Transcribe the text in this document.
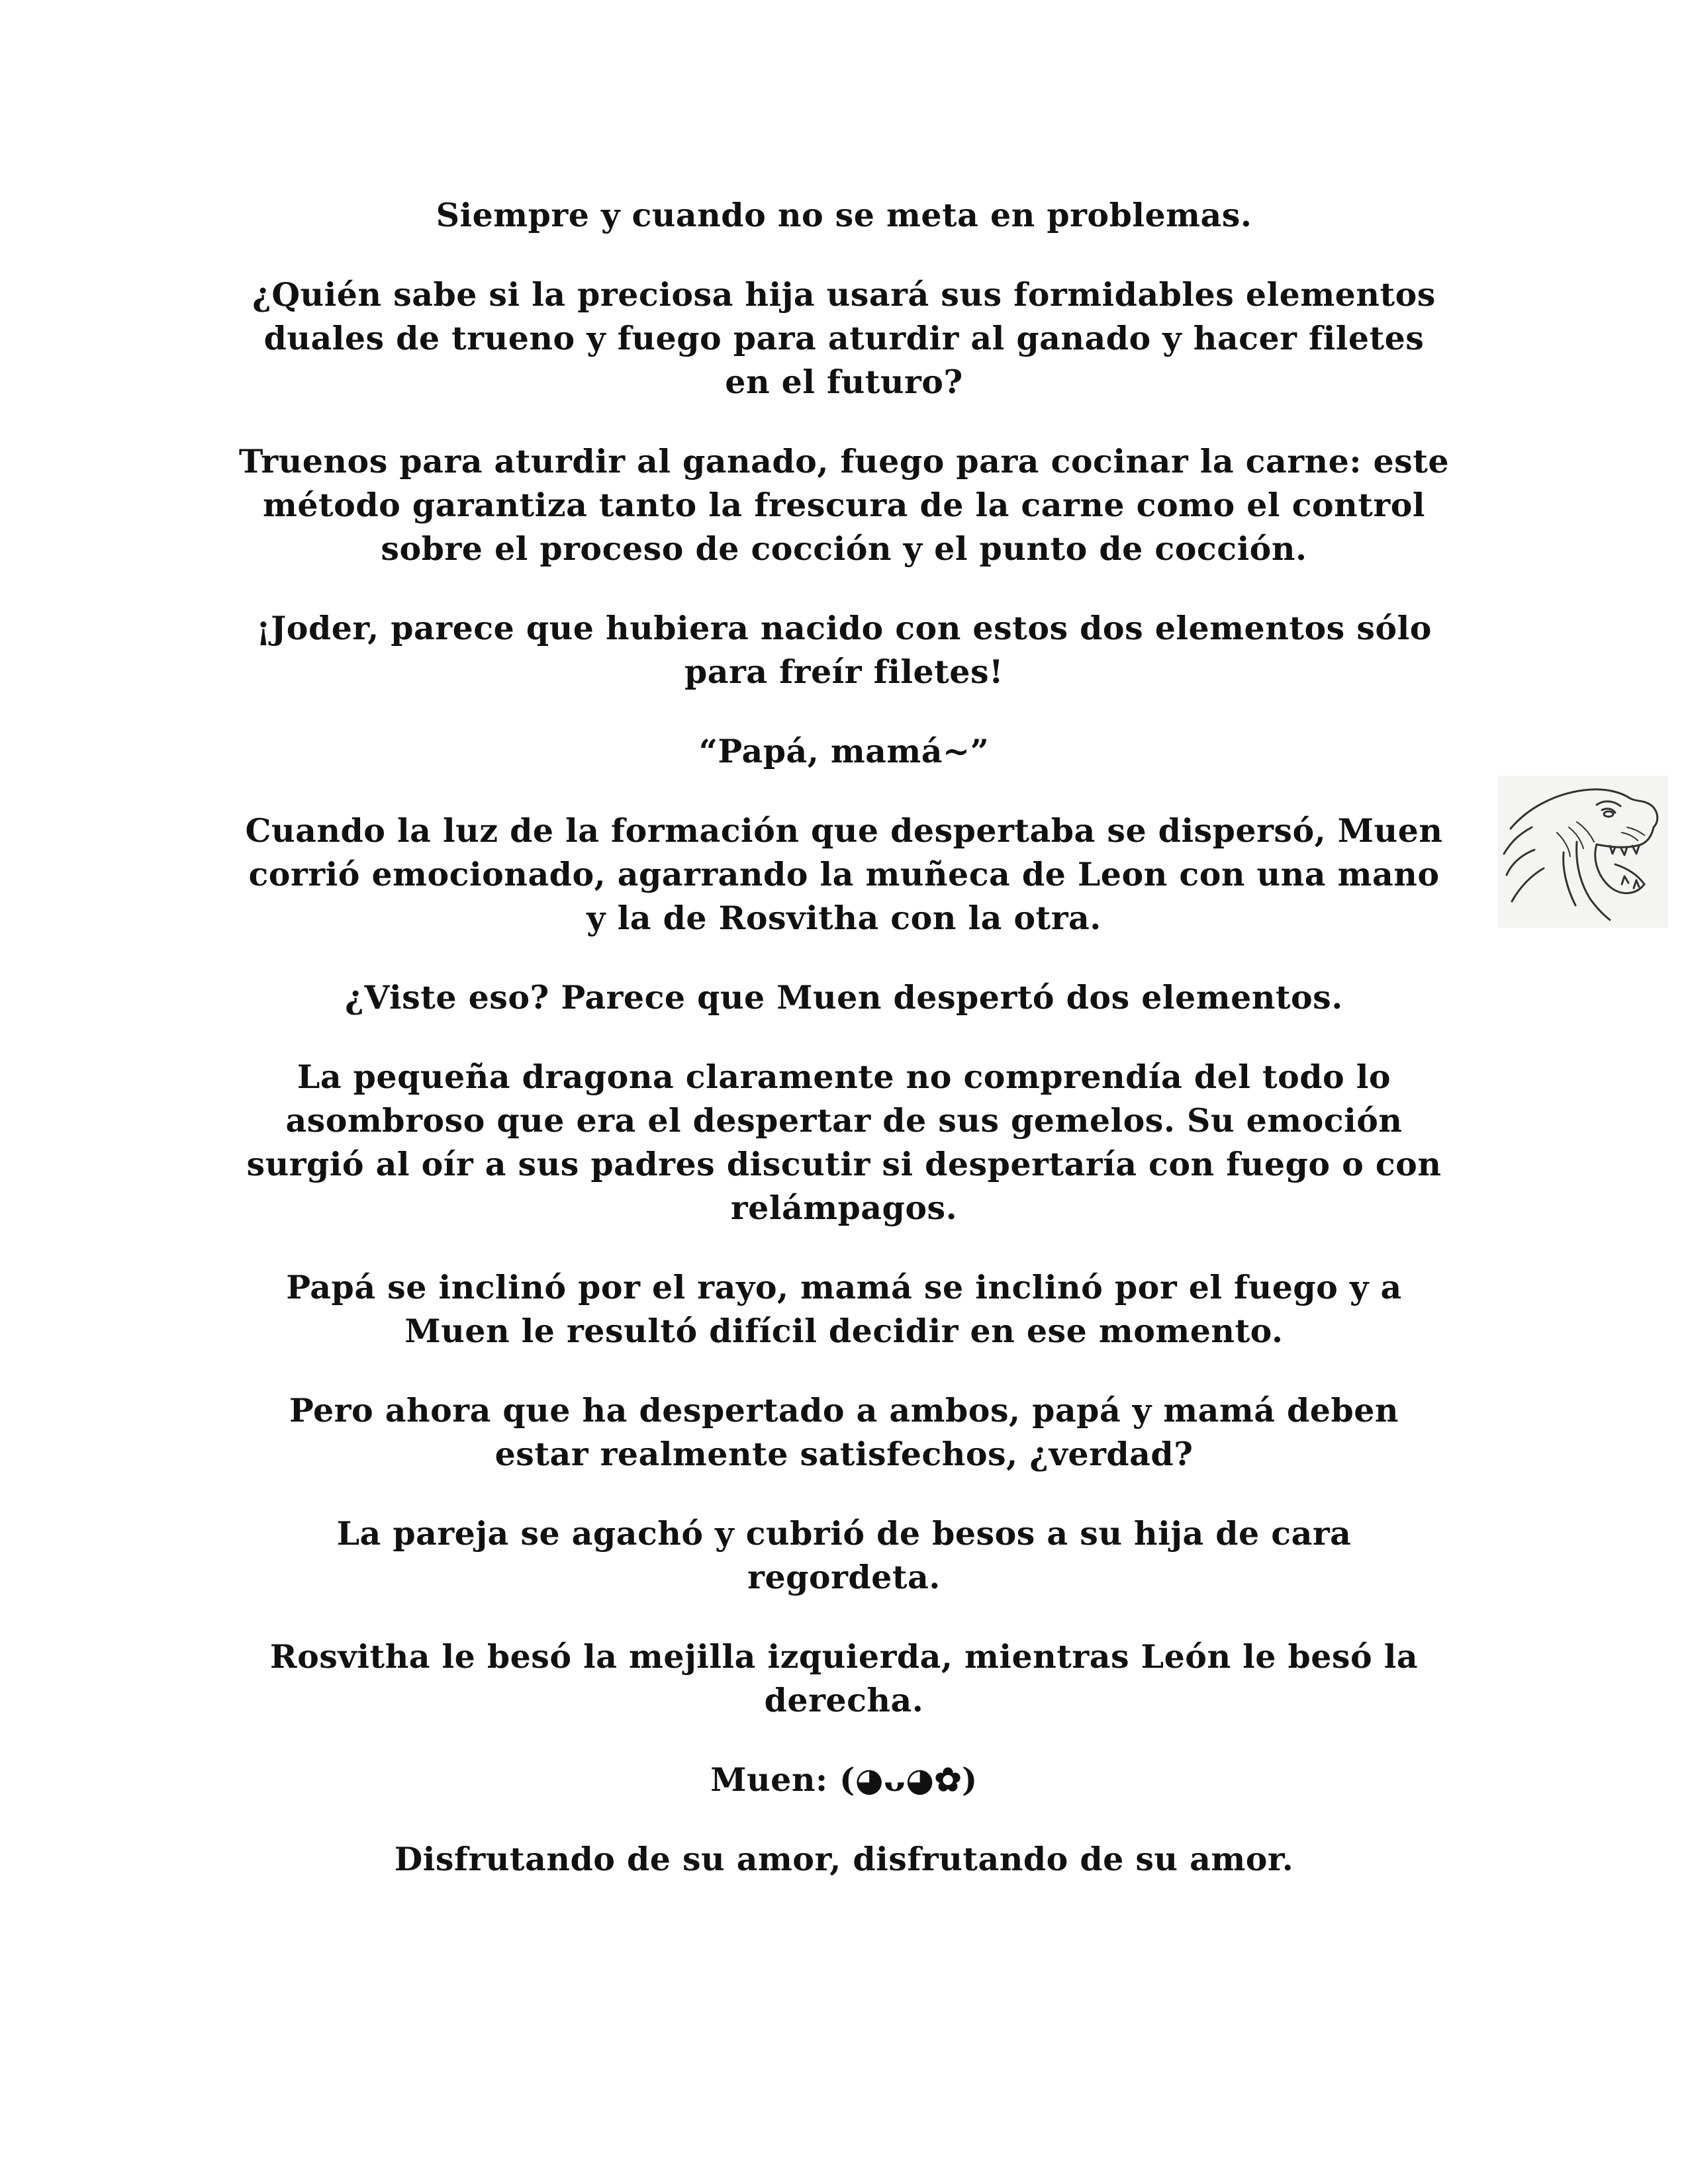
Siempre y cuando no se meta en problemas.

¿Quién sabe si la preciosa hija usará sus formidables elementos duales de trueno y fuego para aturdir al ganado y hacer filetes en el futuro?

Truenos para aturdir al ganado, fuego para cocinar la carne: este método garantiza tanto la frescura de la carne como el control sobre el proceso de cocción y el punto de cocción.

¡Joder, parece que hubiera nacido con estos dos elementos sólo para freír filetes!

“Papá, mamá~”

Cuando la luz de la formación que despertaba se dispersó, Muen corrió emocionado, agarrando la muñeca de Leon con una mano y la de Rosvitha con la otra.

¿Viste eso? Parece que Muen despertó dos elementos.

La pequeña dragona claramente no comprendía del todo lo asombroso que era el despertar de sus gemelos. Su emoción surgió al oír a sus padres discutir si despertaría con fuego o con relámpagos.

Papá se inclinó por el rayo, mamá se inclinó por el fuego y a Muen le resultó difícil decidir en ese momento.

Pero ahora que ha despertado a ambos, papá y mamá deben estar realmente satisfechos, ¿verdad?

La pareja se agachó y cubrió de besos a su hija de cara regordeta.

Rosvitha le besó la mejilla izquierda, mientras León le besó la derecha.

Muen: (◕ᴗ◕✿)

Disfrutando de su amor, disfrutando de su amor.
